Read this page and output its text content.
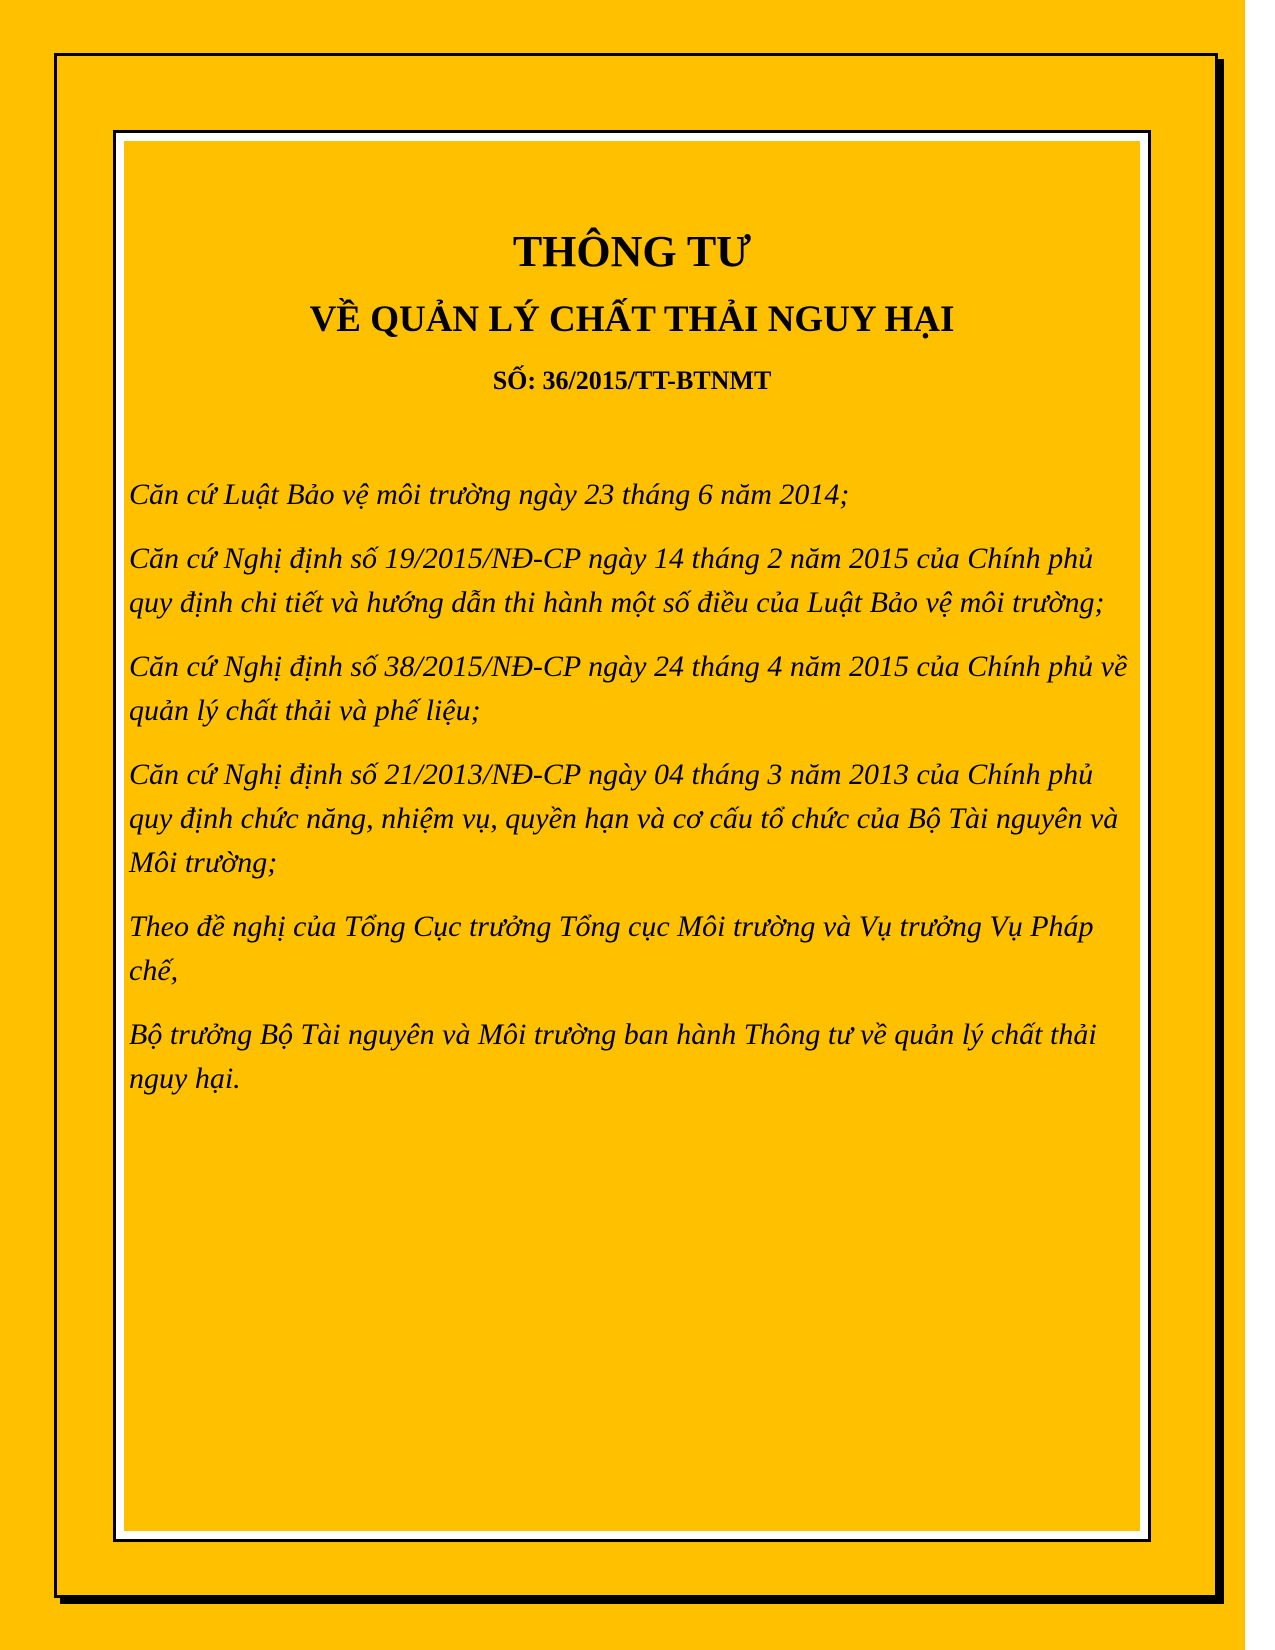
THÔNG TƯ
VỀ QUẢN LÝ CHẤT THẢI NGUY HẠI
SỐ: 36/2015/TT-BTNMT

Căn cứ Luật Bảo vệ môi trường ngày 23 tháng 6 năm 2014;

Căn cứ Nghị định số 19/2015/NĐ-CP ngày 14 tháng 2 năm 2015 của Chính phủ quy định chi tiết và hướng dẫn thi hành một số điều của Luật Bảo vệ môi trường;

Căn cứ Nghị định số 38/2015/NĐ-CP ngày 24 tháng 4 năm 2015 của Chính phủ về quản lý chất thải và phế liệu;

Căn cứ Nghị định số 21/2013/NĐ-CP ngày 04 tháng 3 năm 2013 của Chính phủ quy định chức năng, nhiệm vụ, quyền hạn và cơ cấu tổ chức của Bộ Tài nguyên và Môi trường;

Theo đề nghị của Tổng Cục trưởng Tổng cục Môi trường và Vụ trưởng Vụ Pháp chế,

Bộ trưởng Bộ Tài nguyên và Môi trường ban hành Thông tư về quản lý chất thải nguy hại.
